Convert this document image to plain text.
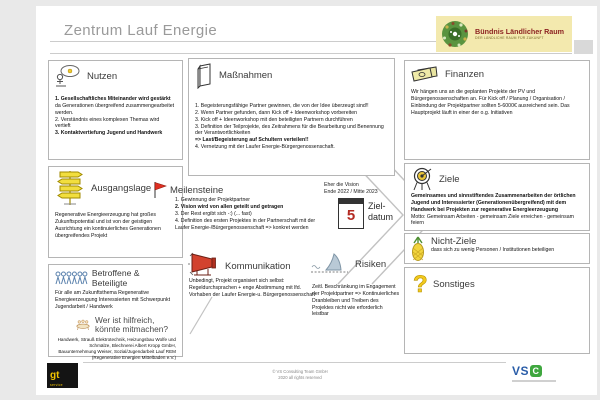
Zentrum Lauf Energie	Bündnis Ländlicher Raum
DER LÄNDLICHE RAUM FÜR ZUKUNFT
Nutzen
1. Gesellschaftliches Miteinander wird gestärkt
da Generationen übergreifend zusammengearbeitet werden.
2. Verständnis eines komplexen Themas wird vertieft
3. Kontaktvertiefung Jugend und Handwerk
Maßnahmen
1. Begeisterungsfähige Partner gewinnen, die von der Idee überzeugt sind!!
2. Wenn Partner gefunden, dann Kick off + Ideenworkshop vorbereiten
3. Kick off + Ideenworkshop mit den beteiligten Partnern durchführen
3. Definition der Teilprojekte, des Zeitrahmens für die Bearbeitung und Benennung der Verantwortlichkeiten
=> Last/Begeisterung auf Schultern verteilen!!
4. Vernetzung mit der Laufer Energie-Bürgergenossenschaft.
Finanzen
Wir hängen uns an die geplanten Projekte der PV und Bürgergenossenschaften an. Für Kick off / Planung / Organisation / Einbindung der Projektpartner sollten 5-6000€ ausreichend sein. Das Hauptprojekt läuft in einer der o.g. Initiativen
Ausgangslage
Regenerative Energieerzeugung hat großes Zukunftspotential und ist von der geistigen Ausrichtung ein kontinuierliches Generationen übergreifendes Projekt
Meilensteine
1. Gewinnung der Projektpartner
2. Vision wird von allen geteilt und getragen
3. Der Rest ergibt sich -:) (... fast)
4. Definition des ersten Projektes in der Partnerschaft mit der Laufer Energie-/Bürgergenossenschaft => konkret werden
Eher die Vision
Ende 2022 / Mitte 2023
5
Ziel-datum
Ziele
Gemeinsames und sinnstiftendes Zusammenarbeiten der örtlichen Jugend und Interessierter (Generationenübergreifend) mit dem Handwerk bei Projekten zur regenerative Energieerzeugung
Motto: Gemeinsam Arbeiten - gemeinsam Ziele erreichen - gemeinsam feiern
Nicht-Ziele
dass sich zu wenig Personen / Institutionen beteiligen
? Sonstiges
Betroffene & Beteiligte
Für alle am Zukunftsthema Regenerative Energieerzeugung Interessierten mit Schwerpunkt Jugendarbeit / Handwerk
Wer ist hilfreich, könnte mitmachen?
Handwerk, Strauß Elektrotechnik, Heizungsbau Wolfe und Schmälze, Blechnerei Albert Kropp GmbH, Bauunternehmung Weiser, Sozial/Jugendarbeit Lauf REM (Regenerative Energien Mittelbaden e.V.)
Kommunikation
Unbedingt, Projekt organisiert sich selbst: Regeldurchsprachen + enge Abstimmung mit lfd. Vorhaben der Laufer Energie-u. Bürgergenossenschaft
Risiken
Zeitl. Beschränkung im Engagement der Projektpartner => Kontinuierliches Dranbleiben und Treiben des Projektes nicht wie erforderlich leistbar
gt
service
© VS Consulting Team GmbH
2020 all rights reserved	VS C
